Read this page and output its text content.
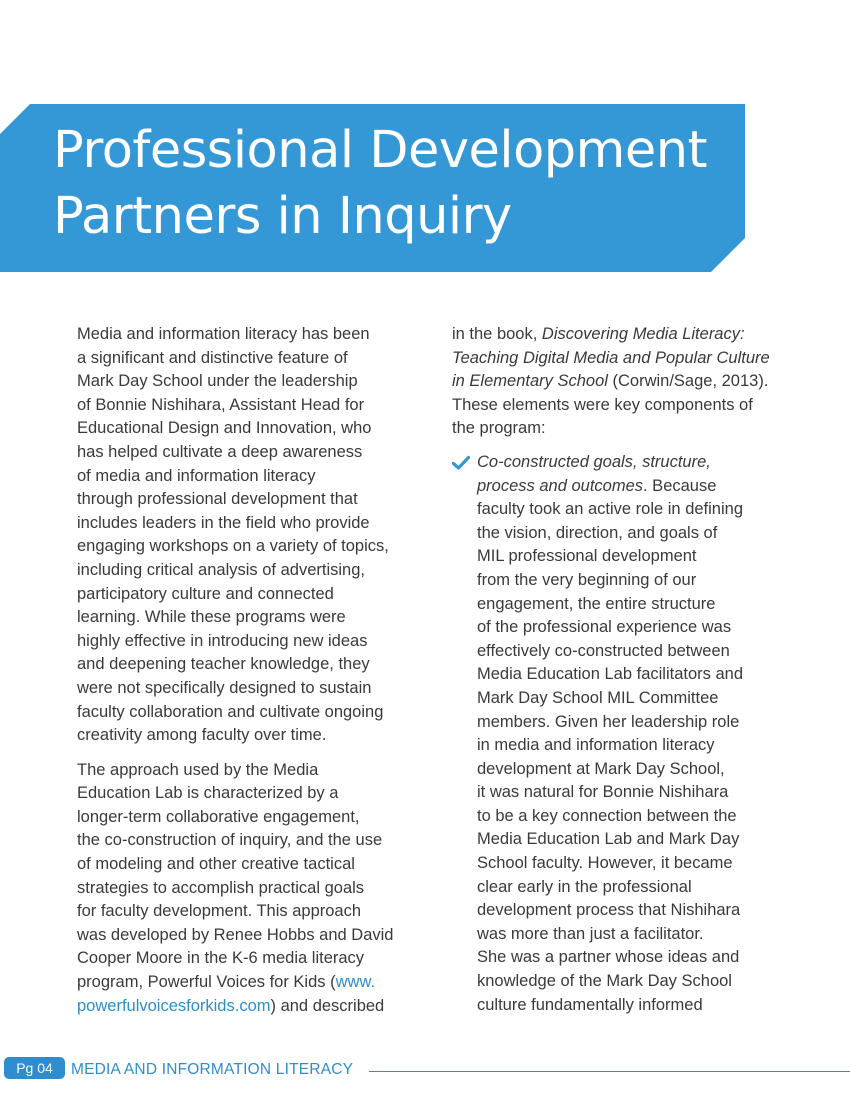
Professional Development
Partners in Inquiry

Media and information literacy has been
a significant and distinctive feature of
Mark Day School under the leadership
of Bonnie Nishihara, Assistant Head for
Educational Design and Innovation, who
has helped cultivate a deep awareness
of media and information literacy
through professional development that
includes leaders in the field who provide
engaging workshops on a variety of topics,
including critical analysis of advertising,
participatory culture and connected
learning. While these programs were
highly effective in introducing new ideas
and deepening teacher knowledge, they
were not specifically designed to sustain
faculty collaboration and cultivate ongoing
creativity among faculty over time.

The approach used by the Media
Education Lab is characterized by a
longer-term collaborative engagement,
the co-construction of inquiry, and the use
of modeling and other creative tactical
strategies to accomplish practical goals
for faculty development. This approach
was developed by Renee Hobbs and David
Cooper Moore in the K-6 media literacy
program, Powerful Voices for Kids (www.
powerfulvoicesforkids.com) and described

in the book, Discovering Media Literacy:
Teaching Digital Media and Popular Culture
in Elementary School (Corwin/Sage, 2013).
These elements were key components of
the program:

Co-constructed goals, structure,
process and outcomes. Because
faculty took an active role in defining
the vision, direction, and goals of
MIL professional development
from the very beginning of our
engagement, the entire structure
of the professional experience was
effectively co-constructed between
Media Education Lab facilitators and
Mark Day School MIL Committee
members. Given her leadership role
in media and information literacy
development at Mark Day School,
it was natural for Bonnie Nishihara
to be a key connection between the
Media Education Lab and Mark Day
School faculty. However, it became
clear early in the professional
development process that Nishihara
was more than just a facilitator.
She was a partner whose ideas and
knowledge of the Mark Day School
culture fundamentally informed
Pg 04	MEDIA AND INFORMATION LITERACY
